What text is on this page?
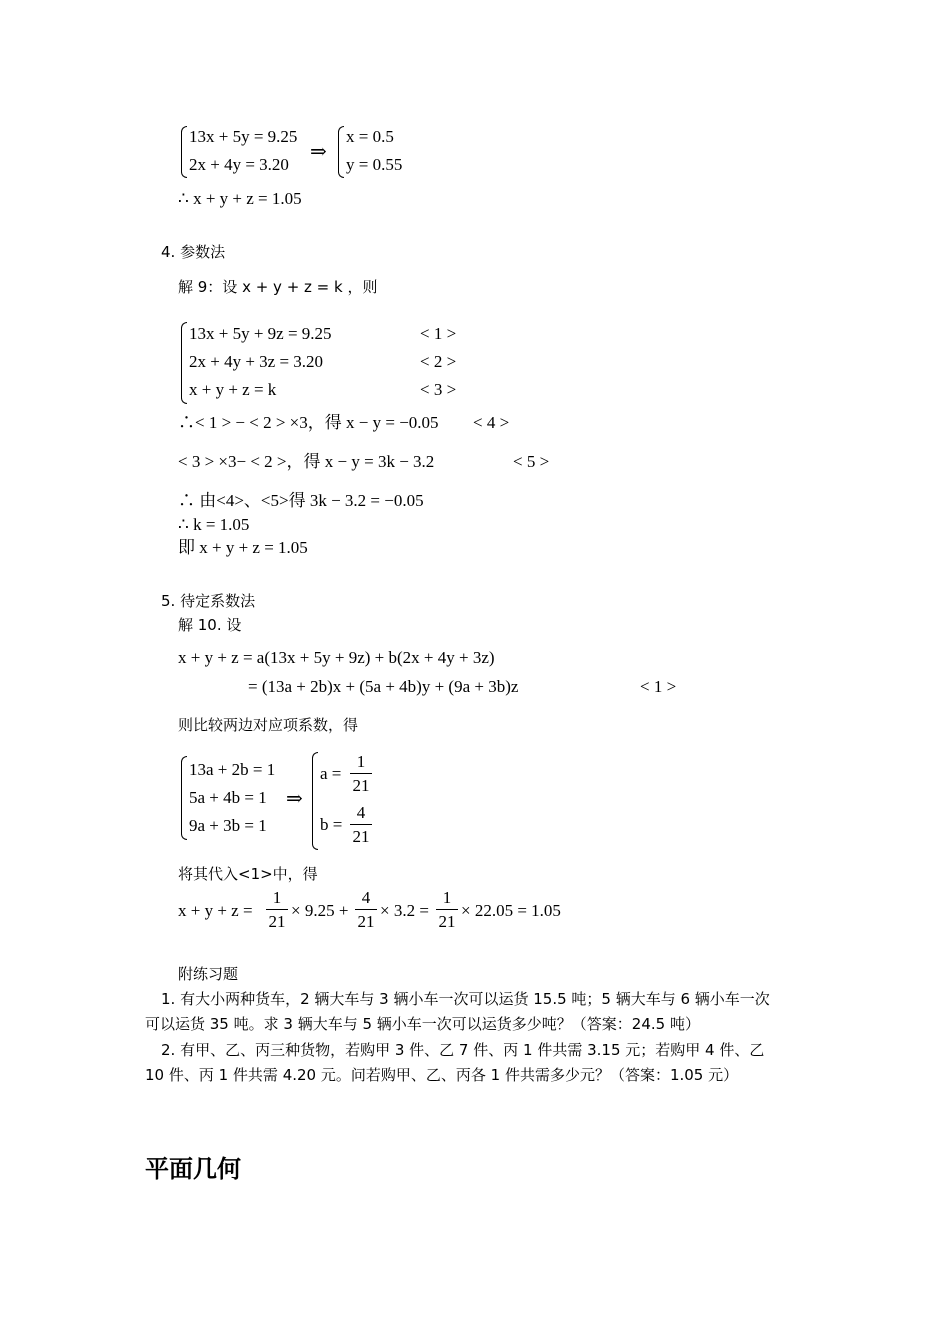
13x + 5y = 9.25
2x + 4y = 3.20
⇒
x = 0.5
y = 0.55
∴ x + y + z = 1.05
4. 参数法
解 9：设 x + y + z = k ，则
13x + 5y + 9z = 9.25
2x + 4y + 3z = 3.20
x + y + z = k
< 1 >
< 2 >
< 3 >
∴< 1 > − < 2 > ×3，得 x − y = −0.05 < 4 >
< 3 > ×3− < 2 >，得 x − y = 3k − 3.2	< 5 >
∴ 由<4>、<5>得 3k − 3.2 = −0.05
∴ k = 1.05
即 x + y + z = 1.05
5. 待定系数法
解 10. 设
x + y + z = a(13x + 5y + 9z) + b(2x + 4y + 3z)
= (13a + 2b)x + (5a + 4b)y + (9a + 3b)z	< 1 >
则比较两边对应项系数，得
13a + 2b = 1
5a + 4b = 1
9a + 3b = 1
⇒
a =
1
21
b =
4
21
将其代入<1>中，得
x + y + z =
1
21
× 9.25 +
4
21
× 3.2 =
1
21
× 22.05 = 1.05
附练习题
1. 有大小两种货车，2 辆大车与 3 辆小车一次可以运货 15.5 吨；5 辆大车与 6 辆小车一次
可以运货 35 吨。求 3 辆大车与 5 辆小车一次可以运货多少吨？（答案：24.5 吨）
2. 有甲、乙、丙三种货物，若购甲 3 件、乙 7 件、丙 1 件共需 3.15 元；若购甲 4 件、乙
10 件、丙 1 件共需 4.20 元。问若购甲、乙、丙各 1 件共需多少元？（答案：1.05 元）
平面几何
